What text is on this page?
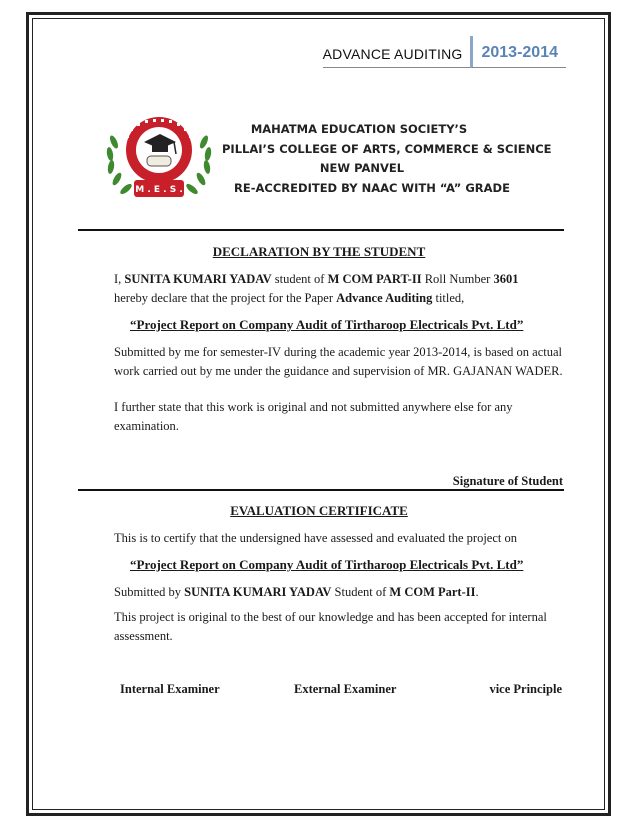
ADVANCE AUDITING	2013-2014
M . E . S .
MAHATMA EDUCATION SOCIETY’S
PILLAI’S COLLEGE OF ARTS, COMMERCE & SCIENCE
NEW PANVEL
RE-ACCREDITED BY NAAC WITH “A” GRADE
DECLARATION BY THE STUDENT
I, SUNITA KUMARI YADAV student of M COM PART-II Roll Number 3601
hereby declare that the project for the Paper Advance Auditing titled,
“Project Report on Company Audit of Tirtharoop Electricals Pvt. Ltd”
Submitted by me for semester-IV during the academic year 2013-2014, is based on actual work carried out by me under the guidance and supervision of MR. GAJANAN WADER.
I further state that this work is original and not submitted anywhere else for any examination.
Signature of Student
EVALUATION CERTIFICATE
This is to certify that the undersigned have assessed and evaluated the project on
“Project Report on Company Audit of Tirtharoop Electricals Pvt. Ltd”
Submitted by SUNITA KUMARI YADAV Student of M COM Part-II.
This project is original to the best of our knowledge and has been accepted for internal assessment.
Internal Examiner	External Examiner	vice Principle
